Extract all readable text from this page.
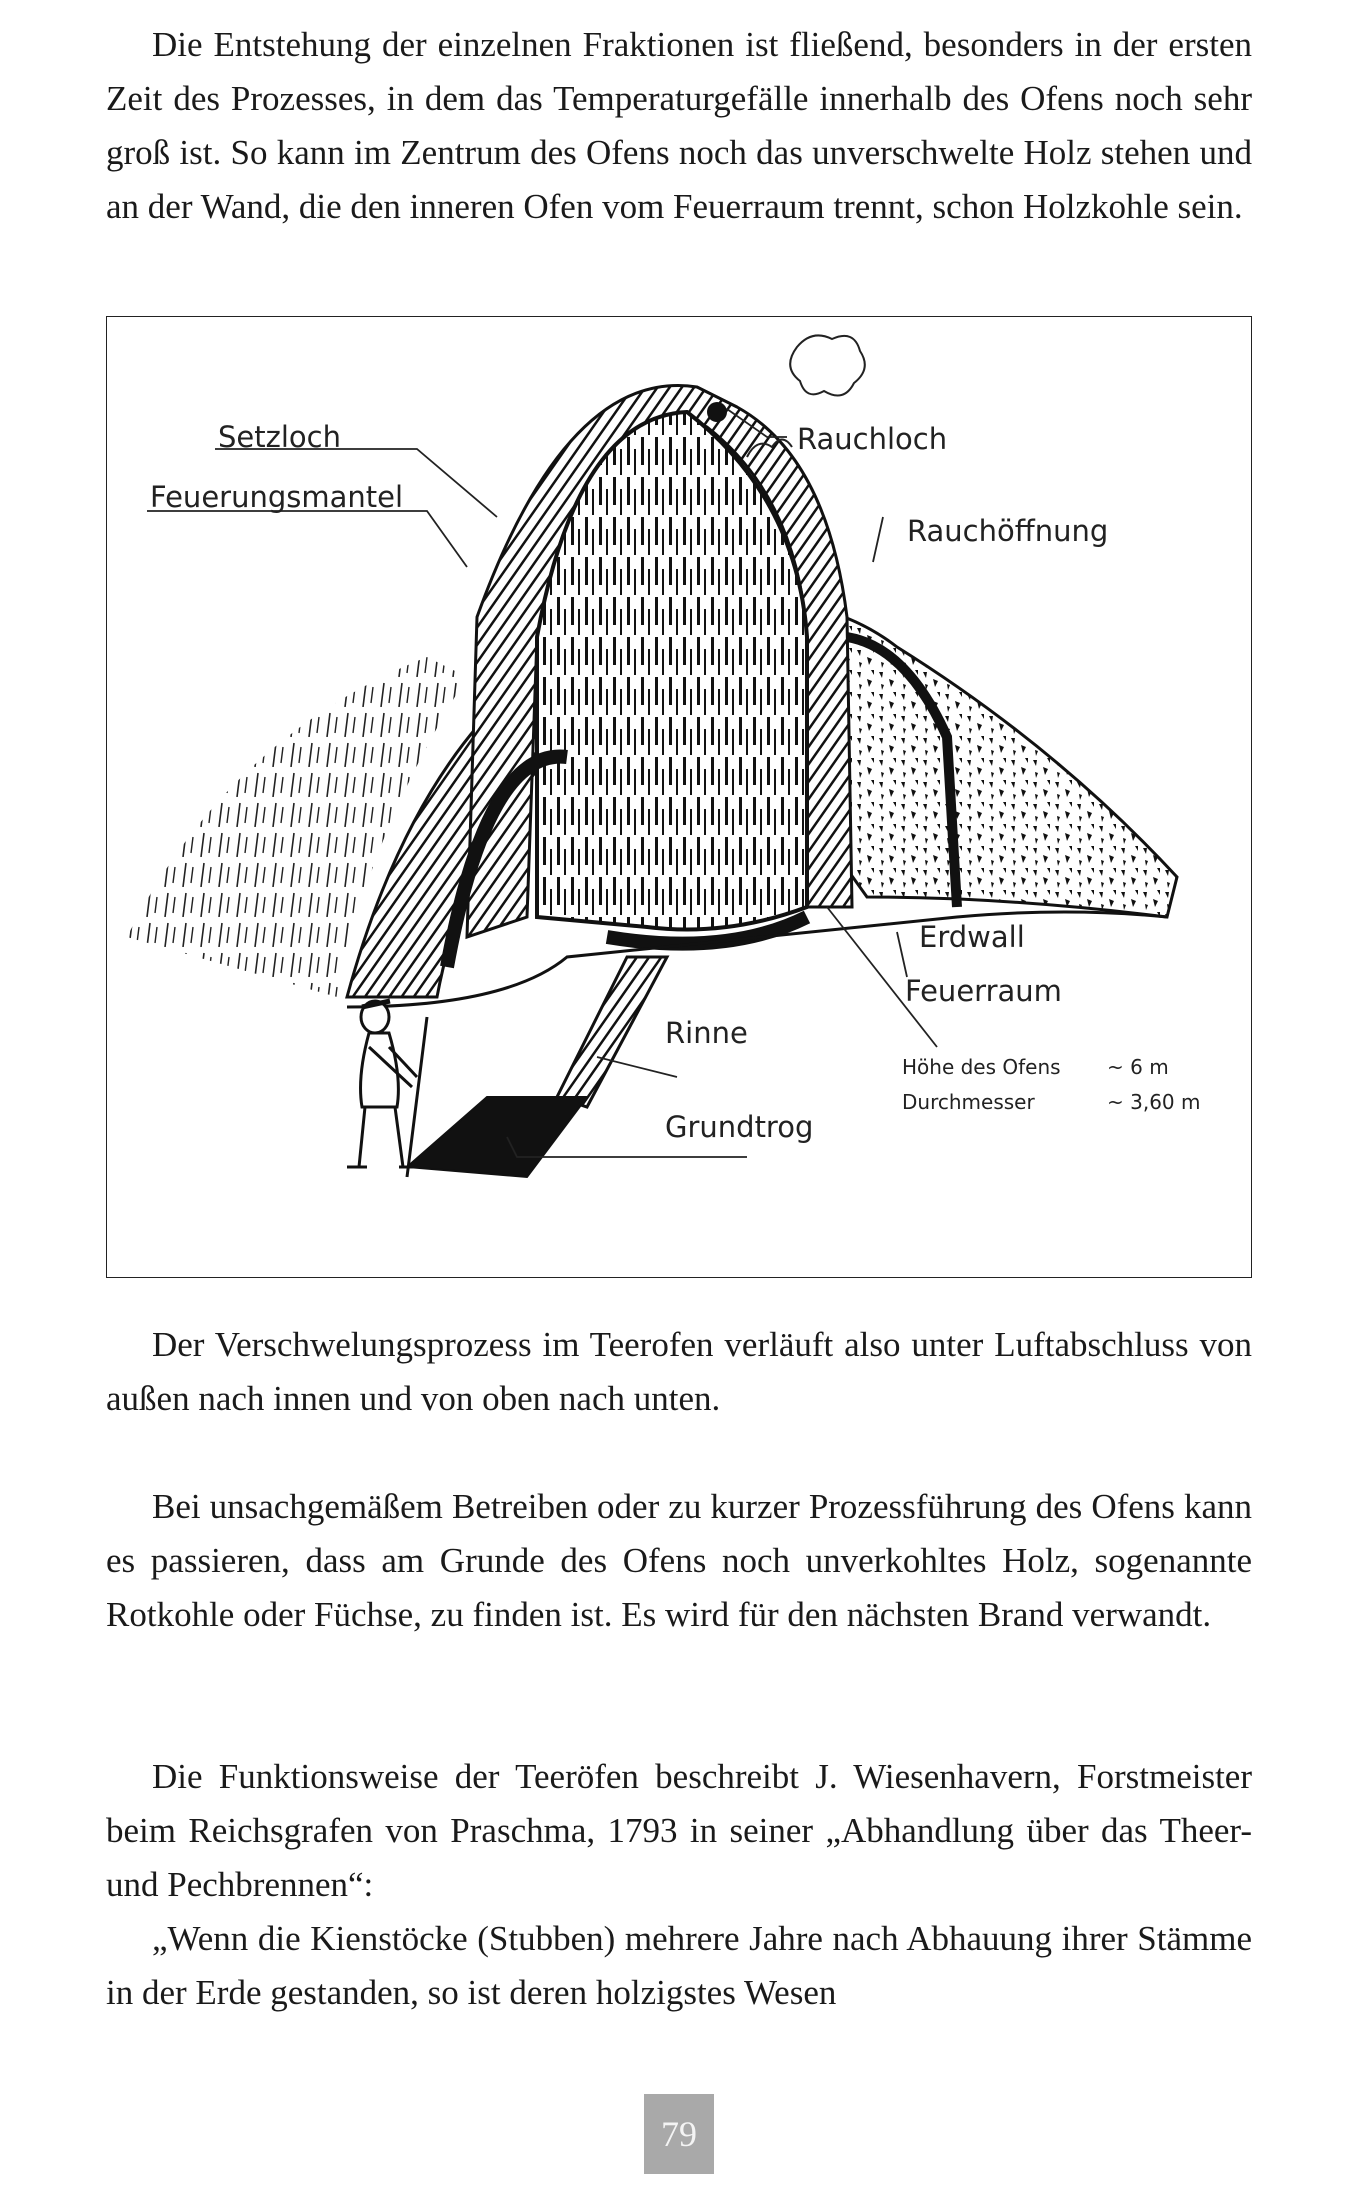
Die Entstehung der einzelnen Fraktionen ist fließend, besonders in der ersten Zeit des Prozesses, in dem das Temperaturgefälle innerhalb des Ofens noch sehr groß ist. So kann im Zentrum des Ofens noch das unverschwelte Holz stehen und an der Wand, die den inneren Ofen vom Feuerraum trennt, schon Holzkohle sein.

Setzloch
Feuerungsmantel
Rauchloch
Rauchöffnung
Erdwall
Feuerraum
Rinne
Grundtrog
Höhe des Ofens ~ 6 m
Durchmesser	~ 3,60 m

Der Verschwelungsprozess im Teerofen verläuft also unter Luftabschluss von außen nach innen und von oben nach unten.

Bei unsachgemäßem Betreiben oder zu kurzer Prozessführung des Ofens kann es passieren, dass am Grunde des Ofens noch unverkohltes Holz, sogenannte Rotkohle oder Füchse, zu finden ist. Es wird für den nächsten Brand verwandt.

Die Funktionsweise der Teeröfen beschreibt J. Wiesenhavern, Forstmeister beim Reichsgrafen von Praschma, 1793 in seiner „Abhandlung über das Theer- und Pechbrennen“:

„Wenn die Kienstöcke (Stubben) mehrere Jahre nach Abhauung ihrer Stämme in der Erde gestanden, so ist deren holzigstes Wesen

79
